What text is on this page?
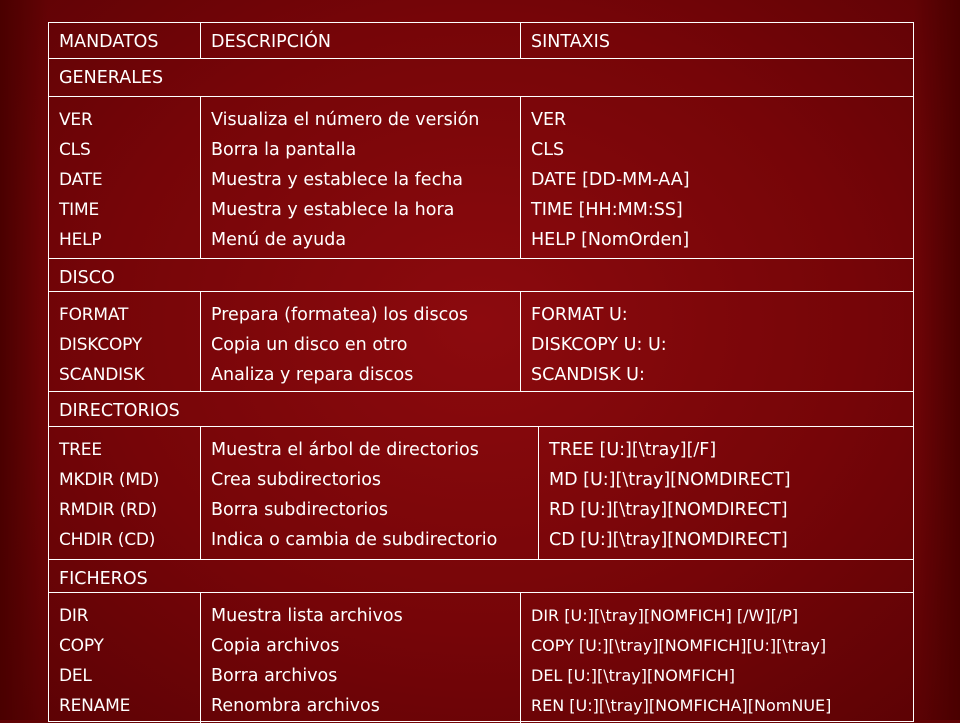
MANDATOS	DESCRIPCIÓN	SINTAXIS
GENERALES
VER
CLS
DATE
TIME
HELP
Visualiza el número de versión
Borra la pantalla
Muestra y establece la fecha
Muestra y establece la hora
Menú de ayuda
VER
CLS
DATE [DD-MM-AA]
TIME [HH:MM:SS]
HELP [NomOrden]
DISCO
FORMAT
DISKCOPY
SCANDISK
Prepara (formatea) los discos
Copia un disco en otro
Analiza y repara discos
FORMAT U:
DISKCOPY U: U:
SCANDISK U:
DIRECTORIOS
TREE
MKDIR (MD)
RMDIR (RD)
CHDIR (CD)
Muestra el árbol de directorios
Crea subdirectorios
Borra subdirectorios
Indica o cambia de subdirectorio
TREE [U:][\tray][/F]
MD [U:][\tray][NOMDIRECT]
RD [U:][\tray][NOMDIRECT]
CD [U:][\tray][NOMDIRECT]
FICHEROS
DIR
COPY
DEL
RENAME
Muestra lista archivos
Copia archivos
Borra archivos
Renombra archivos
DIR [U:][\tray][NOMFICH] [/W][/P]
COPY [U:][\tray][NOMFICH][U:][\tray]
DEL [U:][\tray][NOMFICH]
REN [U:][\tray][NOMFICHA][NomNUE]
